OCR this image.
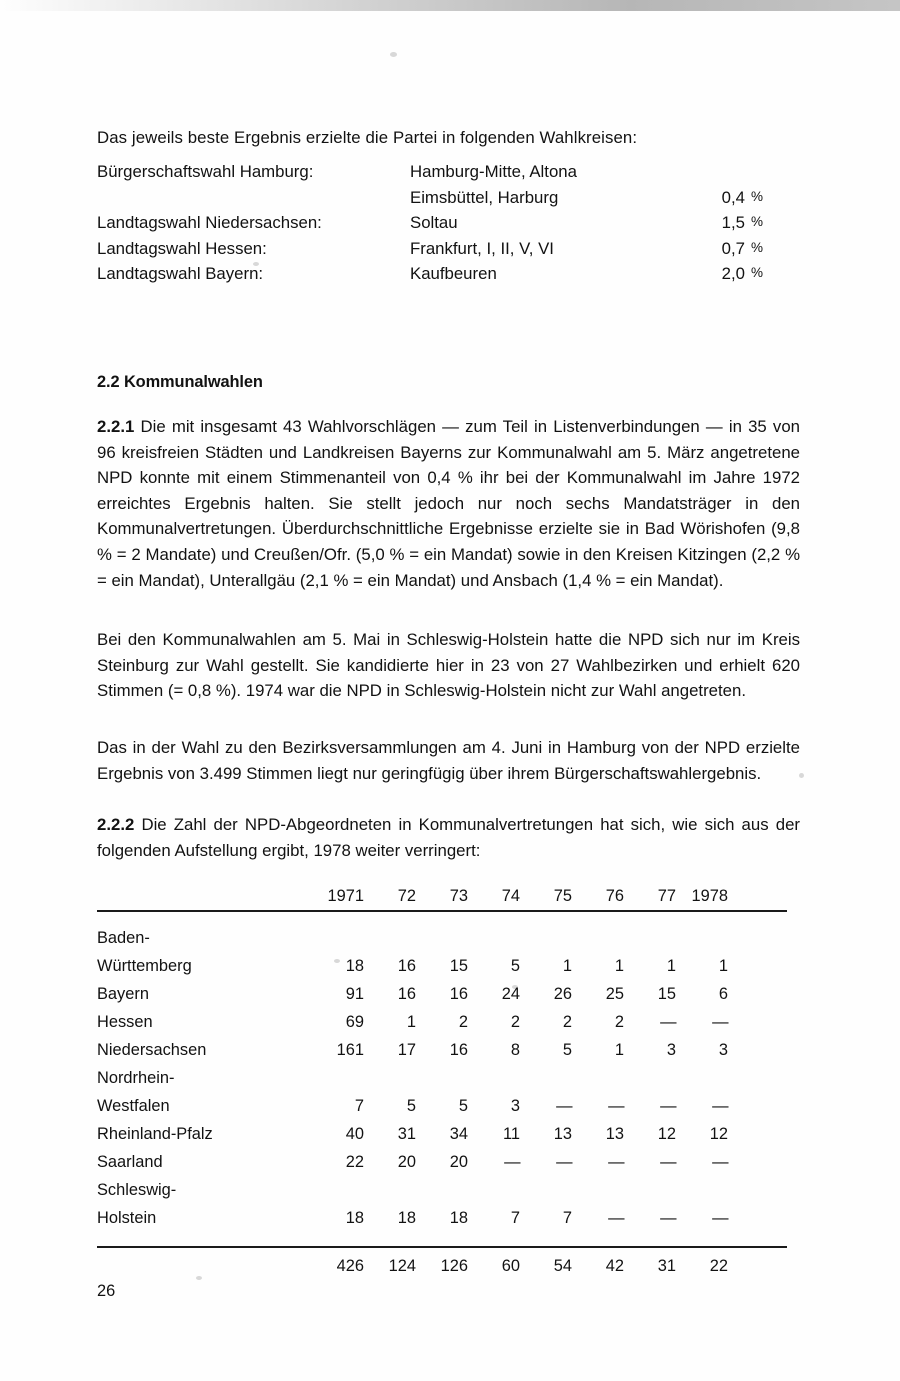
Das jeweils beste Ergebnis erzielte die Partei in folgenden Wahlkreisen:
Bürgerschaftswahl Hamburg:	Hamburg-Mitte, Altona
Eimsbüttel, Harburg	0,4 %
Landtagswahl Niedersachsen:	Soltau	1,5 %
Landtagswahl Hessen:	Frankfurt, I, II, V, VI	0,7 %
Landtagswahl Bayern:	Kaufbeuren	2,0 %
2.2 Kommunalwahlen

2.2.1 Die mit insgesamt 43 Wahlvorschlägen — zum Teil in Listenverbindungen — in 35 von 96 kreisfreien Städten und Landkreisen Bayerns zur Kommunalwahl am 5. März angetretene NPD konnte mit einem Stimmenanteil von 0,4 % ihr bei der Kommunalwahl im Jahre 1972 erreichtes Ergebnis halten. Sie stellt jedoch nur noch sechs Mandatsträger in den Kommunalvertretungen. Überdurchschnittliche Ergebnisse erzielte sie in Bad Wörishofen (9,8 % = 2 Mandate) und Creußen/Ofr. (5,0 % = ein Mandat) sowie in den Kreisen Kitzingen (2,2 % = ein Mandat), Unterallgäu (2,1 % = ein Mandat) und Ansbach (1,4 % = ein Mandat).

Bei den Kommunalwahlen am 5. Mai in Schleswig-Holstein hatte die NPD sich nur im Kreis Steinburg zur Wahl gestellt. Sie kandidierte hier in 23 von 27 Wahlbezirken und erhielt 620 Stimmen (= 0,8 %). 1974 war die NPD in Schleswig-Holstein nicht zur Wahl angetreten.

Das in der Wahl zu den Bezirksversammlungen am 4. Juni in Hamburg von der NPD erzielte Ergebnis von 3.499 Stimmen liegt nur geringfügig über ihrem Bürgerschaftswahlergebnis.

2.2.2 Die Zahl der NPD-Abgeordneten in Kommunalvertretungen hat sich, wie sich aus der folgenden Aufstellung ergibt, 1978 weiter verringert:

1971 72 73 74 75 76 77 1978
Baden-
Württemberg	18 16 15	5	1	1	1	1
Bayern	91 16 16 24 26 25 15	6
Hessen	69	1	2	2	2	2 — —
Niedersachsen	161 17 16	8	5	1	3	3
Nordrhein-
Westfalen	7	5	5	3 — — — —
Rheinland-Pfalz	40 31 34 11 13 13 12 12
Saarland	22 20 20 — — — — —
Schleswig-
Holstein	18 18 18	7	7 — — —
426 124 126 60 54 42 31 22
26
